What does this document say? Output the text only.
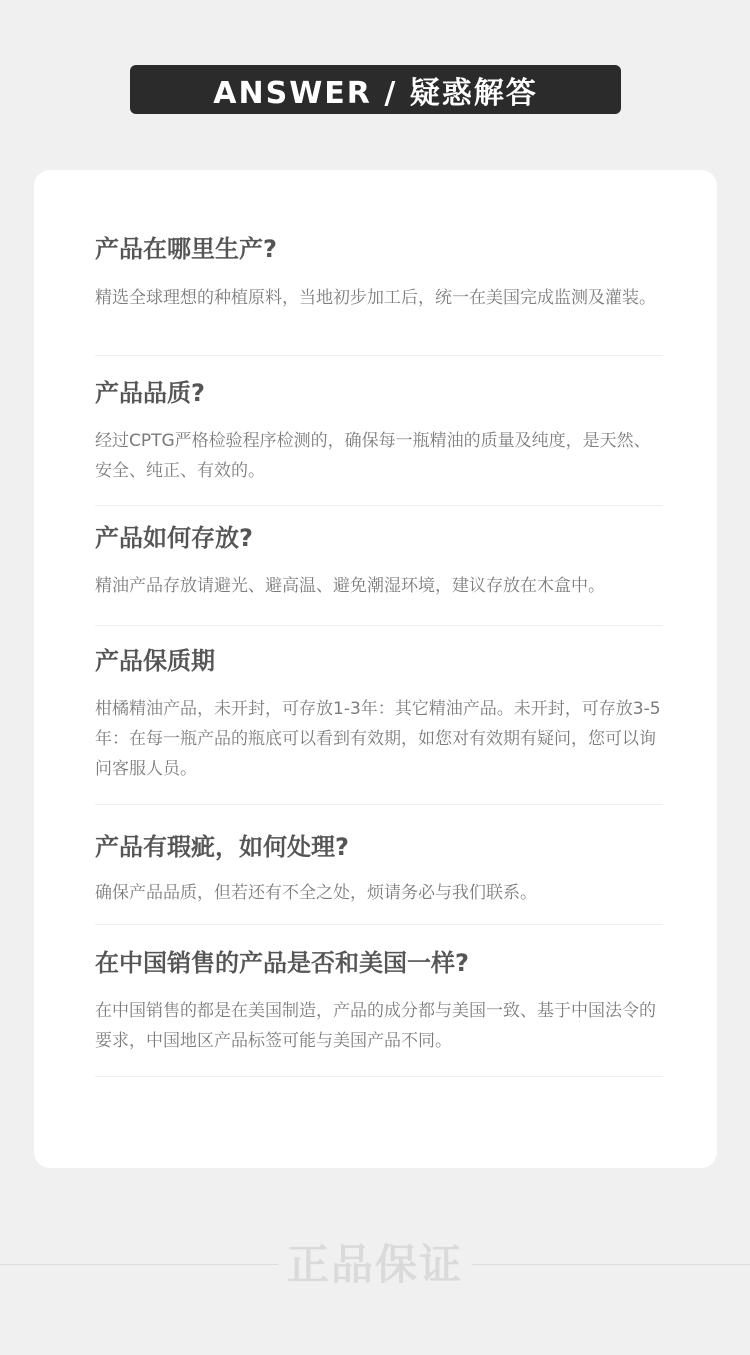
ANSWER / 疑惑解答
产品在哪里生产?
精选全球理想的种植原料，当地初步加工后，统一在美国完成监测及灌装。
产品品质?
经过CPTG严格检验程序检测的，确保每一瓶精油的质量及纯度，是天然、安全、纯正、有效的。
产品如何存放?
精油产品存放请避光、避高温、避免潮湿环境，建议存放在木盒中。
产品保质期
柑橘精油产品，未开封，可存放1-3年：其它精油产品。未开封，可存放3-5年：在每一瓶产品的瓶底可以看到有效期，如您对有效期有疑问，您可以询问客服人员。
产品有瑕疵，如何处理?
确保产品品质，但若还有不全之处，烦请务必与我们联系。
在中国销售的产品是否和美国一样?
在中国销售的都是在美国制造，产品的成分都与美国一致、基于中国法令的要求，中国地区产品标签可能与美国产品不同。
正品保证
